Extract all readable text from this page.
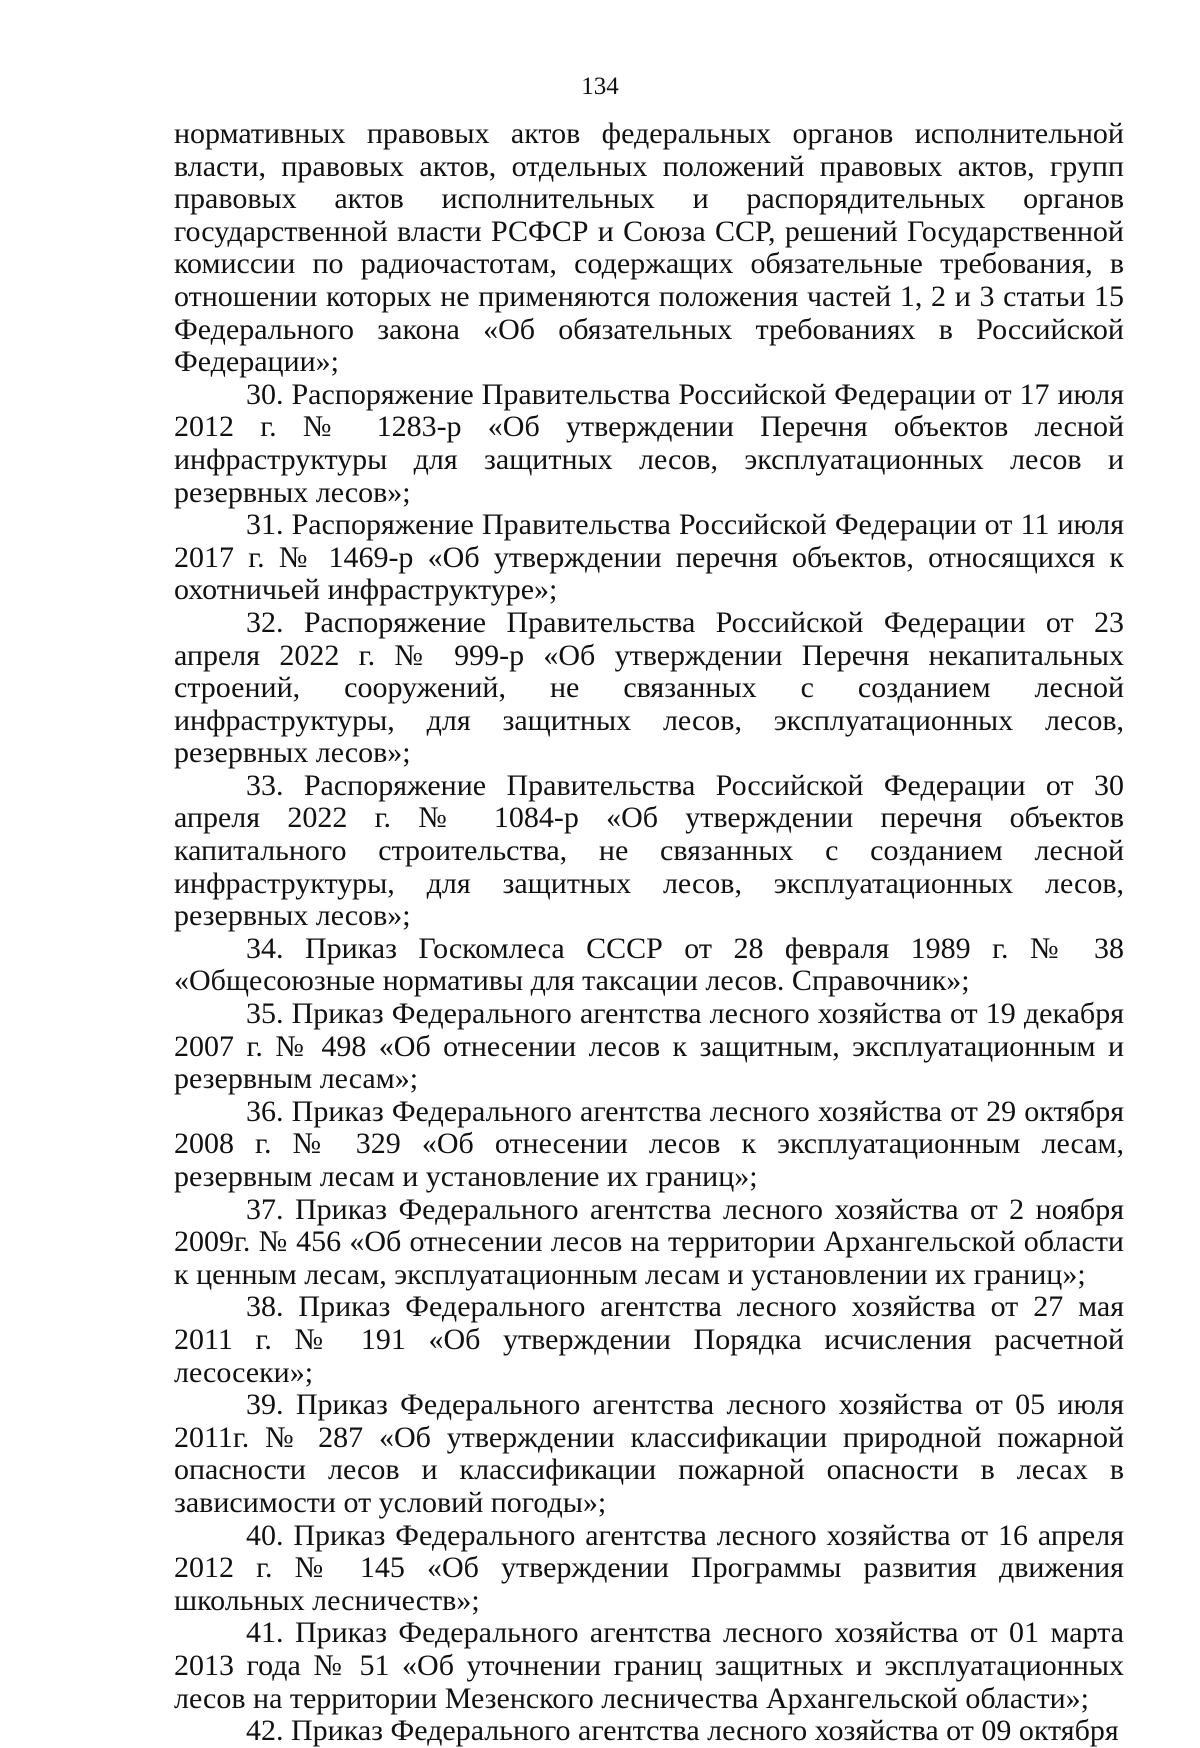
134

нормативных правовых актов федеральных органов исполнительной власти, правовых актов, отдельных положений правовых актов, групп правовых актов исполнительных и распорядительных органов государственной власти РСФСР и Союза ССР, решений Государственной комиссии по радиочастотам, содержащих обязательные требования, в отношении которых не применяются положения частей 1, 2 и 3 статьи 15 Федерального закона «Об обязательных требованиях в Российской Федерации»;

30. Распоряжение Правительства Российской Федерации от 17 июля 2012 г. № 1283-р «Об утверждении Перечня объектов лесной инфраструктуры для защитных лесов, эксплуатационных лесов и резервных лесов»;

31. Распоряжение Правительства Российской Федерации от 11 июля 2017 г. № 1469-р «Об утверждении перечня объектов, относящихся к охотничьей инфраструктуре»;

32. Распоряжение Правительства Российской Федерации от 23 апреля 2022 г. № 999-р «Об утверждении Перечня некапитальных строений, сооружений, не связанных с созданием лесной инфраструктуры, для защитных лесов, эксплуатационных лесов, резервных лесов»;

33. Распоряжение Правительства Российской Федерации от 30 апреля 2022 г. № 1084-р «Об утверждении перечня объектов капитального строительства, не связанных с созданием лесной инфраструктуры, для защитных лесов, эксплуатационных лесов, резервных лесов»;

34. Приказ Госкомлеса СССР от 28 февраля 1989 г. № 38 «Общесоюзные нормативы для таксации лесов. Справочник»;

35. Приказ Федерального агентства лесного хозяйства от 19 декабря 2007 г. № 498 «Об отнесении лесов к защитным, эксплуатационным и резервным лесам»;

36. Приказ Федерального агентства лесного хозяйства от 29 октября 2008 г. № 329 «Об отнесении лесов к эксплуатационным лесам, резервным лесам и установление их границ»;

37. Приказ Федерального агентства лесного хозяйства от 2 ноября 2009г. № 456 «Об отнесении лесов на территории Архангельской области к ценным лесам, эксплуатационным лесам и установлении их границ»;

38. Приказ Федерального агентства лесного хозяйства от 27 мая 2011 г. № 191 «Об утверждении Порядка исчисления расчетной лесосеки»;

39. Приказ Федерального агентства лесного хозяйства от 05 июля 2011г. № 287 «Об утверждении классификации природной пожарной опасности лесов и классификации пожарной опасности в лесах в зависимости от условий погоды»;

40. Приказ Федерального агентства лесного хозяйства от 16 апреля 2012 г. № 145 «Об утверждении Программы развития движения школьных лесничеств»;

41. Приказ Федерального агентства лесного хозяйства от 01 марта 2013 года № 51 «Об уточнении границ защитных и эксплуатационных лесов на территории Мезенского лесничества Архангельской области»;

42. Приказ Федерального агентства лесного хозяйства от 09 октября
